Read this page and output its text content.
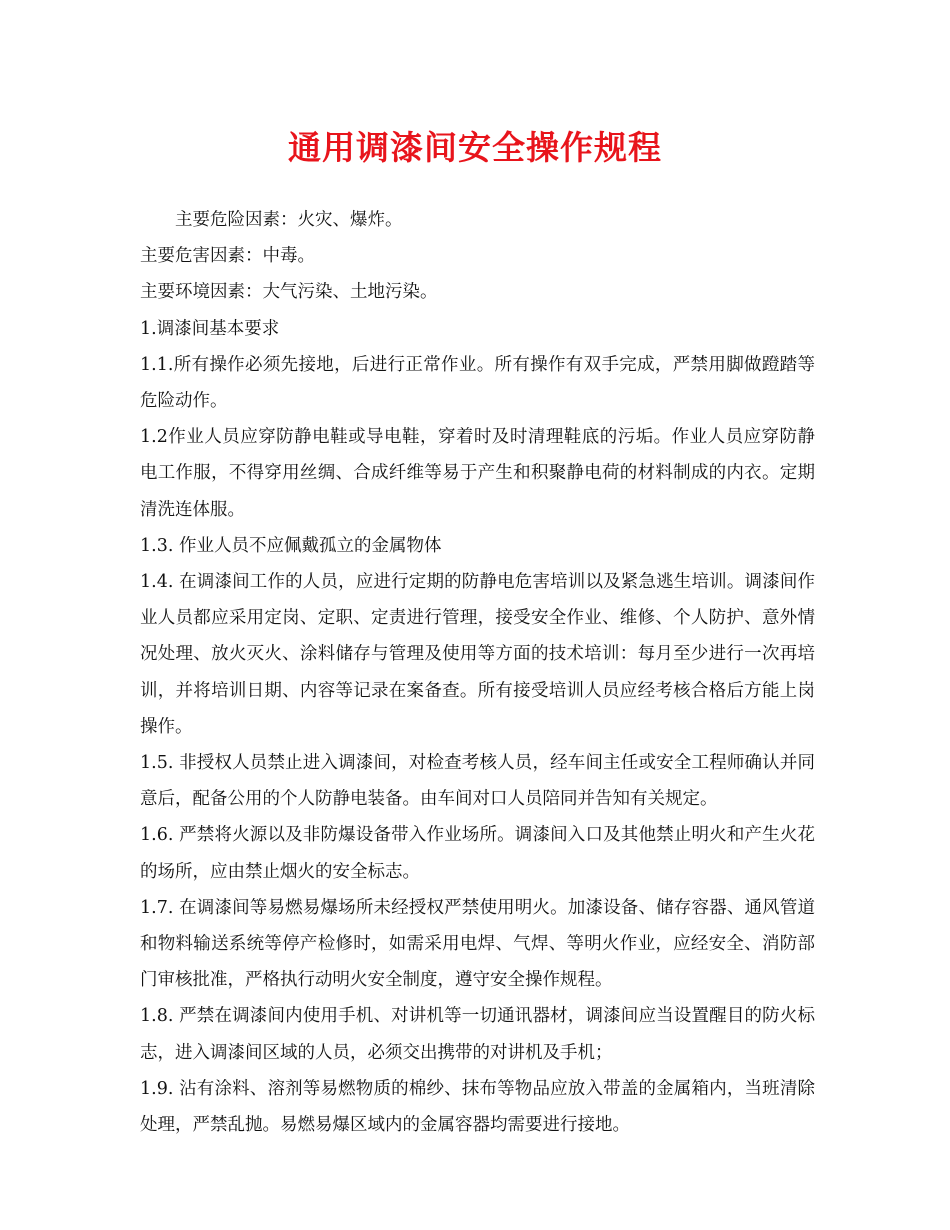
通用调漆间安全操作规程

主要危险因素：火灾、爆炸。

主要危害因素：中毒。

主要环境因素：大气污染、土地污染。

1.调漆间基本要求

1.1.所有操作必须先接地，后进行正常作业。所有操作有双手完成，严禁用脚做蹬踏等危险动作。

1.2作业人员应穿防静电鞋或导电鞋，穿着时及时清理鞋底的污垢。作业人员应穿防静电工作服，不得穿用丝绸、合成纤维等易于产生和积聚静电荷的材料制成的内衣。定期清洗连体服。

1.3. 作业人员不应佩戴孤立的金属物体

1.4. 在调漆间工作的人员，应进行定期的防静电危害培训以及紧急逃生培训。调漆间作业人员都应采用定岗、定职、定责进行管理，接受安全作业、维修、个人防护、意外情况处理、放火灭火、涂料储存与管理及使用等方面的技术培训：每月至少进行一次再培训，并将培训日期、内容等记录在案备查。所有接受培训人员应经考核合格后方能上岗操作。

1.5. 非授权人员禁止进入调漆间，对检查考核人员，经车间主任或安全工程师确认并同意后，配备公用的个人防静电装备。由车间对口人员陪同并告知有关规定。

1.6. 严禁将火源以及非防爆设备带入作业场所。调漆间入口及其他禁止明火和产生火花的场所，应由禁止烟火的安全标志。

1.7. 在调漆间等易燃易爆场所未经授权严禁使用明火。加漆设备、储存容器、通风管道和物料输送系统等停产检修时，如需采用电焊、气焊、等明火作业，应经安全、消防部门审核批准，严格执行动明火安全制度，遵守安全操作规程。

1.8. 严禁在调漆间内使用手机、对讲机等一切通讯器材，调漆间应当设置醒目的防火标志，进入调漆间区域的人员，必须交出携带的对讲机及手机；

1.9. 沾有涂料、溶剂等易燃物质的棉纱、抹布等物品应放入带盖的金属箱内，当班清除处理，严禁乱抛。易燃易爆区域内的金属容器均需要进行接地。
